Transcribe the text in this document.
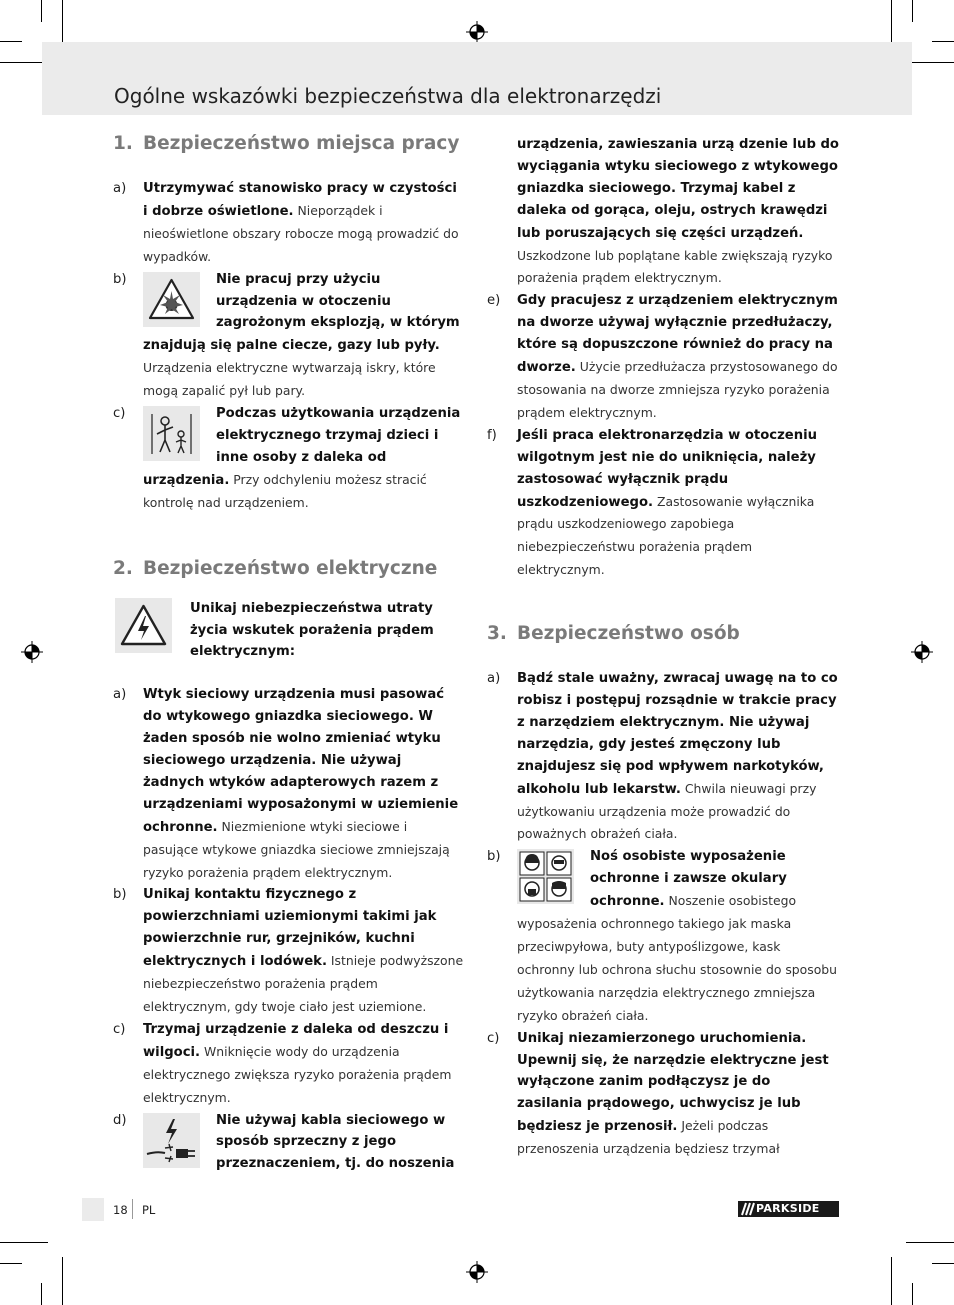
Ogólne wskazówki bezpieczeństwa dla elektronarzędzi
1. Bezpieczeństwo miejsca pracy
a) Utrzymywać stanowisko pracy w czystości i dobrze oświetlone. Nieporządek i nieoświetlone obszary robocze mogą prowadzić do wypadków.
b)	Nie pracuj przy użyciu urządzenia w otoczeniu zagrożonym eksplozją, w którym znajdują się palne ciecze, gazy lub pyły. Urządzenia elektryczne wytwarzają iskry, które mogą zapalić pył lub pary.
c)	Podczas użytkowania urządzenia elektrycznego trzymaj dzieci i inne osoby z daleka od urządzenia. Przy odchyleniu możesz stracić kontrolę nad urządzeniem.
2. Bezpieczeństwo elektryczne
Unikaj niebezpieczeństwa utraty życia wskutek porażenia prądem elektrycznym:
a) Wtyk sieciowy urządzenia musi pasować do wtykowego gniazdka sieciowego. W żaden sposób nie wolno zmieniać wtyku sieciowego urządzenia. Nie używaj żadnych wtyków adapterowych razem z urządzeniami wyposażonymi w uziemienie ochronne. Niezmienione wtyki sieciowe i pasujące wtykowe gniazdka sieciowe zmniejszają ryzyko porażenia prądem elektrycznym.
b) Unikaj kontaktu fizycznego z powierzchniami uziemionymi takimi jak powierzchnie rur, grzejników, kuchni elektrycznych i lodówek. Istnieje podwyższone niebezpieczeństwo porażenia prądem elektrycznym, gdy twoje ciało jest uziemione.
c) Trzymaj urządzenie z daleka od deszczu i wilgoci. Wniknięcie wody do urządzenia elektrycznego zwiększa ryzyko porażenia prądem elektrycznym.
d)	Nie używaj kabla sieciowego w sposób sprzeczny z jego przeznaczeniem, tj. do noszenia
urządzenia, zawieszania urzą dzenie lub do wyciągania wtyku sieciowego z wtykowego gniazdka sieciowego. Trzymaj kabel z daleka od gorąca, oleju, ostrych krawędzi lub poruszających się części urządzeń. Uszkodzone lub poplątane kable zwiększają ryzyko porażenia prądem elektrycznym.
e) Gdy pracujesz z urządzeniem elektrycznym na dworze używaj wyłącznie przedłużaczy, które są dopuszczone również do pracy na dworze. Użycie przedłużacza przystosowanego do stosowania na dworze zmniejsza ryzyko porażenia prądem elektrycznym.
f) Jeśli praca elektronarzędzia w otoczeniu wilgotnym jest nie do uniknięcia, należy zastosować wyłącznik prądu uszkodzeniowego. Zastosowanie wyłącznika prądu uszkodzeniowego zapobiega niebezpieczeństwu porażenia prądem elektrycznym.
3. Bezpieczeństwo osób
a) Bądź stale uważny, zwracaj uwagę na to co robisz i postępuj rozsądnie w trakcie pracy z narzędziem elektrycznym. Nie używaj narzędzia, gdy jesteś zmęczony lub znajdujesz się pod wpływem narkotyków, alkoholu lub lekarstw. Chwila nieuwagi przy użytkowaniu urządzenia może prowadzić do poważnych obrażeń ciała.
b)	Noś osobiste wyposażenie ochronne i zawsze okulary ochronne. Noszenie osobistego wyposażenia ochronnego takiego jak maska przeciwpyłowa, buty antypoślizgowe, kask ochronny lub ochrona słuchu stosownie do sposobu użytkowania narzędzia elektrycznego zmniejsza ryzyko obrażeń ciała.
c) Unikaj niezamierzonego uruchomienia. Upewnij się, że narzędzie elektryczne jest wyłączone zanim podłączysz je do zasilania prądowego, uchwycisz je lub będziesz je przenosił. Jeżeli podczas przenoszenia urządzenia będziesz trzymał
18 PL	PARKSIDE
